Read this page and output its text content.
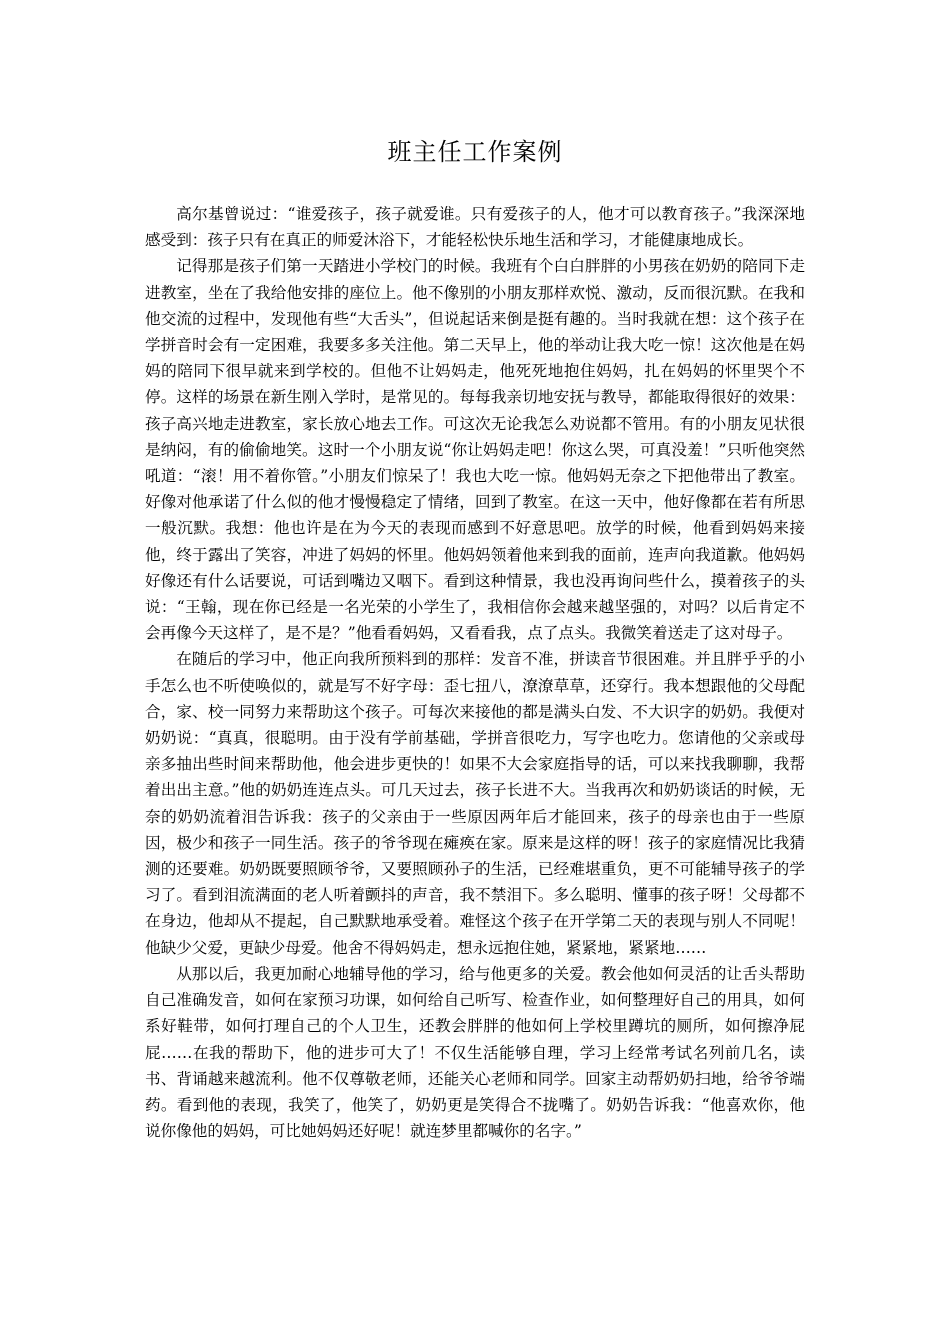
班主任工作案例

高尔基曾说过：“谁爱孩子，孩子就爱谁。只有爱孩子的人，他才可以教育孩子。”我深深地感受到：孩子只有在真正的师爱沐浴下，才能轻松快乐地生活和学习，才能健康地成长。

记得那是孩子们第一天踏进小学校门的时候。我班有个白白胖胖的小男孩在奶奶的陪同下走进教室，坐在了我给他安排的座位上。他不像别的小朋友那样欢悦、激动，反而很沉默。在我和他交流的过程中，发现他有些“大舌头”，但说起话来倒是挺有趣的。当时我就在想：这个孩子在学拼音时会有一定困难，我要多多关注他。第二天早上，他的举动让我大吃一惊！这次他是在妈妈的陪同下很早就来到学校的。但他不让妈妈走，他死死地抱住妈妈，扎在妈妈的怀里哭个不停。这样的场景在新生刚入学时，是常见的。每每我亲切地安抚与教导，都能取得很好的效果：孩子高兴地走进教室，家长放心地去工作。可这次无论我怎么劝说都不管用。有的小朋友见状很是纳闷，有的偷偷地笑。这时一个小朋友说“你让妈妈走吧！你这么哭，可真没羞！”只听他突然吼道：“滚！用不着你管。”小朋友们惊呆了！我也大吃一惊。他妈妈无奈之下把他带出了教室。好像对他承诺了什么似的他才慢慢稳定了情绪，回到了教室。在这一天中，他好像都在若有所思一般沉默。我想：他也许是在为今天的表现而感到不好意思吧。放学的时候，他看到妈妈来接他，终于露出了笑容，冲进了妈妈的怀里。他妈妈领着他来到我的面前，连声向我道歉。他妈妈好像还有什么话要说，可话到嘴边又咽下。看到这种情景，我也没再询问些什么，摸着孩子的头说：“王翰，现在你已经是一名光荣的小学生了，我相信你会越来越坚强的，对吗？以后肯定不会再像今天这样了，是不是？”他看看妈妈，又看看我，点了点头。我微笑着送走了这对母子。

在随后的学习中，他正向我所预料到的那样：发音不准，拼读音节很困难。并且胖乎乎的小手怎么也不听使唤似的，就是写不好字母：歪七扭八，潦潦草草，还穿行。我本想跟他的父母配合，家、校一同努力来帮助这个孩子。可每次来接他的都是满头白发、不大识字的奶奶。我便对奶奶说：“真真，很聪明。由于没有学前基础，学拼音很吃力，写字也吃力。您请他的父亲或母亲多抽出些时间来帮助他，他会进步更快的！如果不大会家庭指导的话，可以来找我聊聊，我帮着出出主意。”他的奶奶连连点头。可几天过去，孩子长进不大。当我再次和奶奶谈话的时候，无奈的奶奶流着泪告诉我：孩子的父亲由于一些原因两年后才能回来，孩子的母亲也由于一些原因，极少和孩子一同生活。孩子的爷爷现在瘫痪在家。原来是这样的呀！孩子的家庭情况比我猜测的还要难。奶奶既要照顾爷爷，又要照顾孙子的生活，已经难堪重负，更不可能辅导孩子的学习了。看到泪流满面的老人听着颤抖的声音，我不禁泪下。多么聪明、懂事的孩子呀！父母都不在身边，他却从不提起，自己默默地承受着。难怪这个孩子在开学第二天的表现与别人不同呢！他缺少父爱，更缺少母爱。他舍不得妈妈走，想永远抱住她，紧紧地，紧紧地……

从那以后，我更加耐心地辅导他的学习，给与他更多的关爱。教会他如何灵活的让舌头帮助自己准确发音，如何在家预习功课，如何给自己听写、检查作业，如何整理好自己的用具，如何系好鞋带，如何打理自己的个人卫生，还教会胖胖的他如何上学校里蹲坑的厕所，如何擦净屁屁……在我的帮助下，他的进步可大了！不仅生活能够自理，学习上经常考试名列前几名，读书、背诵越来越流利。他不仅尊敬老师，还能关心老师和同学。回家主动帮奶奶扫地，给爷爷端药。看到他的表现，我笑了，他笑了，奶奶更是笑得合不拢嘴了。奶奶告诉我：“他喜欢你，他说你像他的妈妈，可比她妈妈还好呢！就连梦里都喊你的名字。”
